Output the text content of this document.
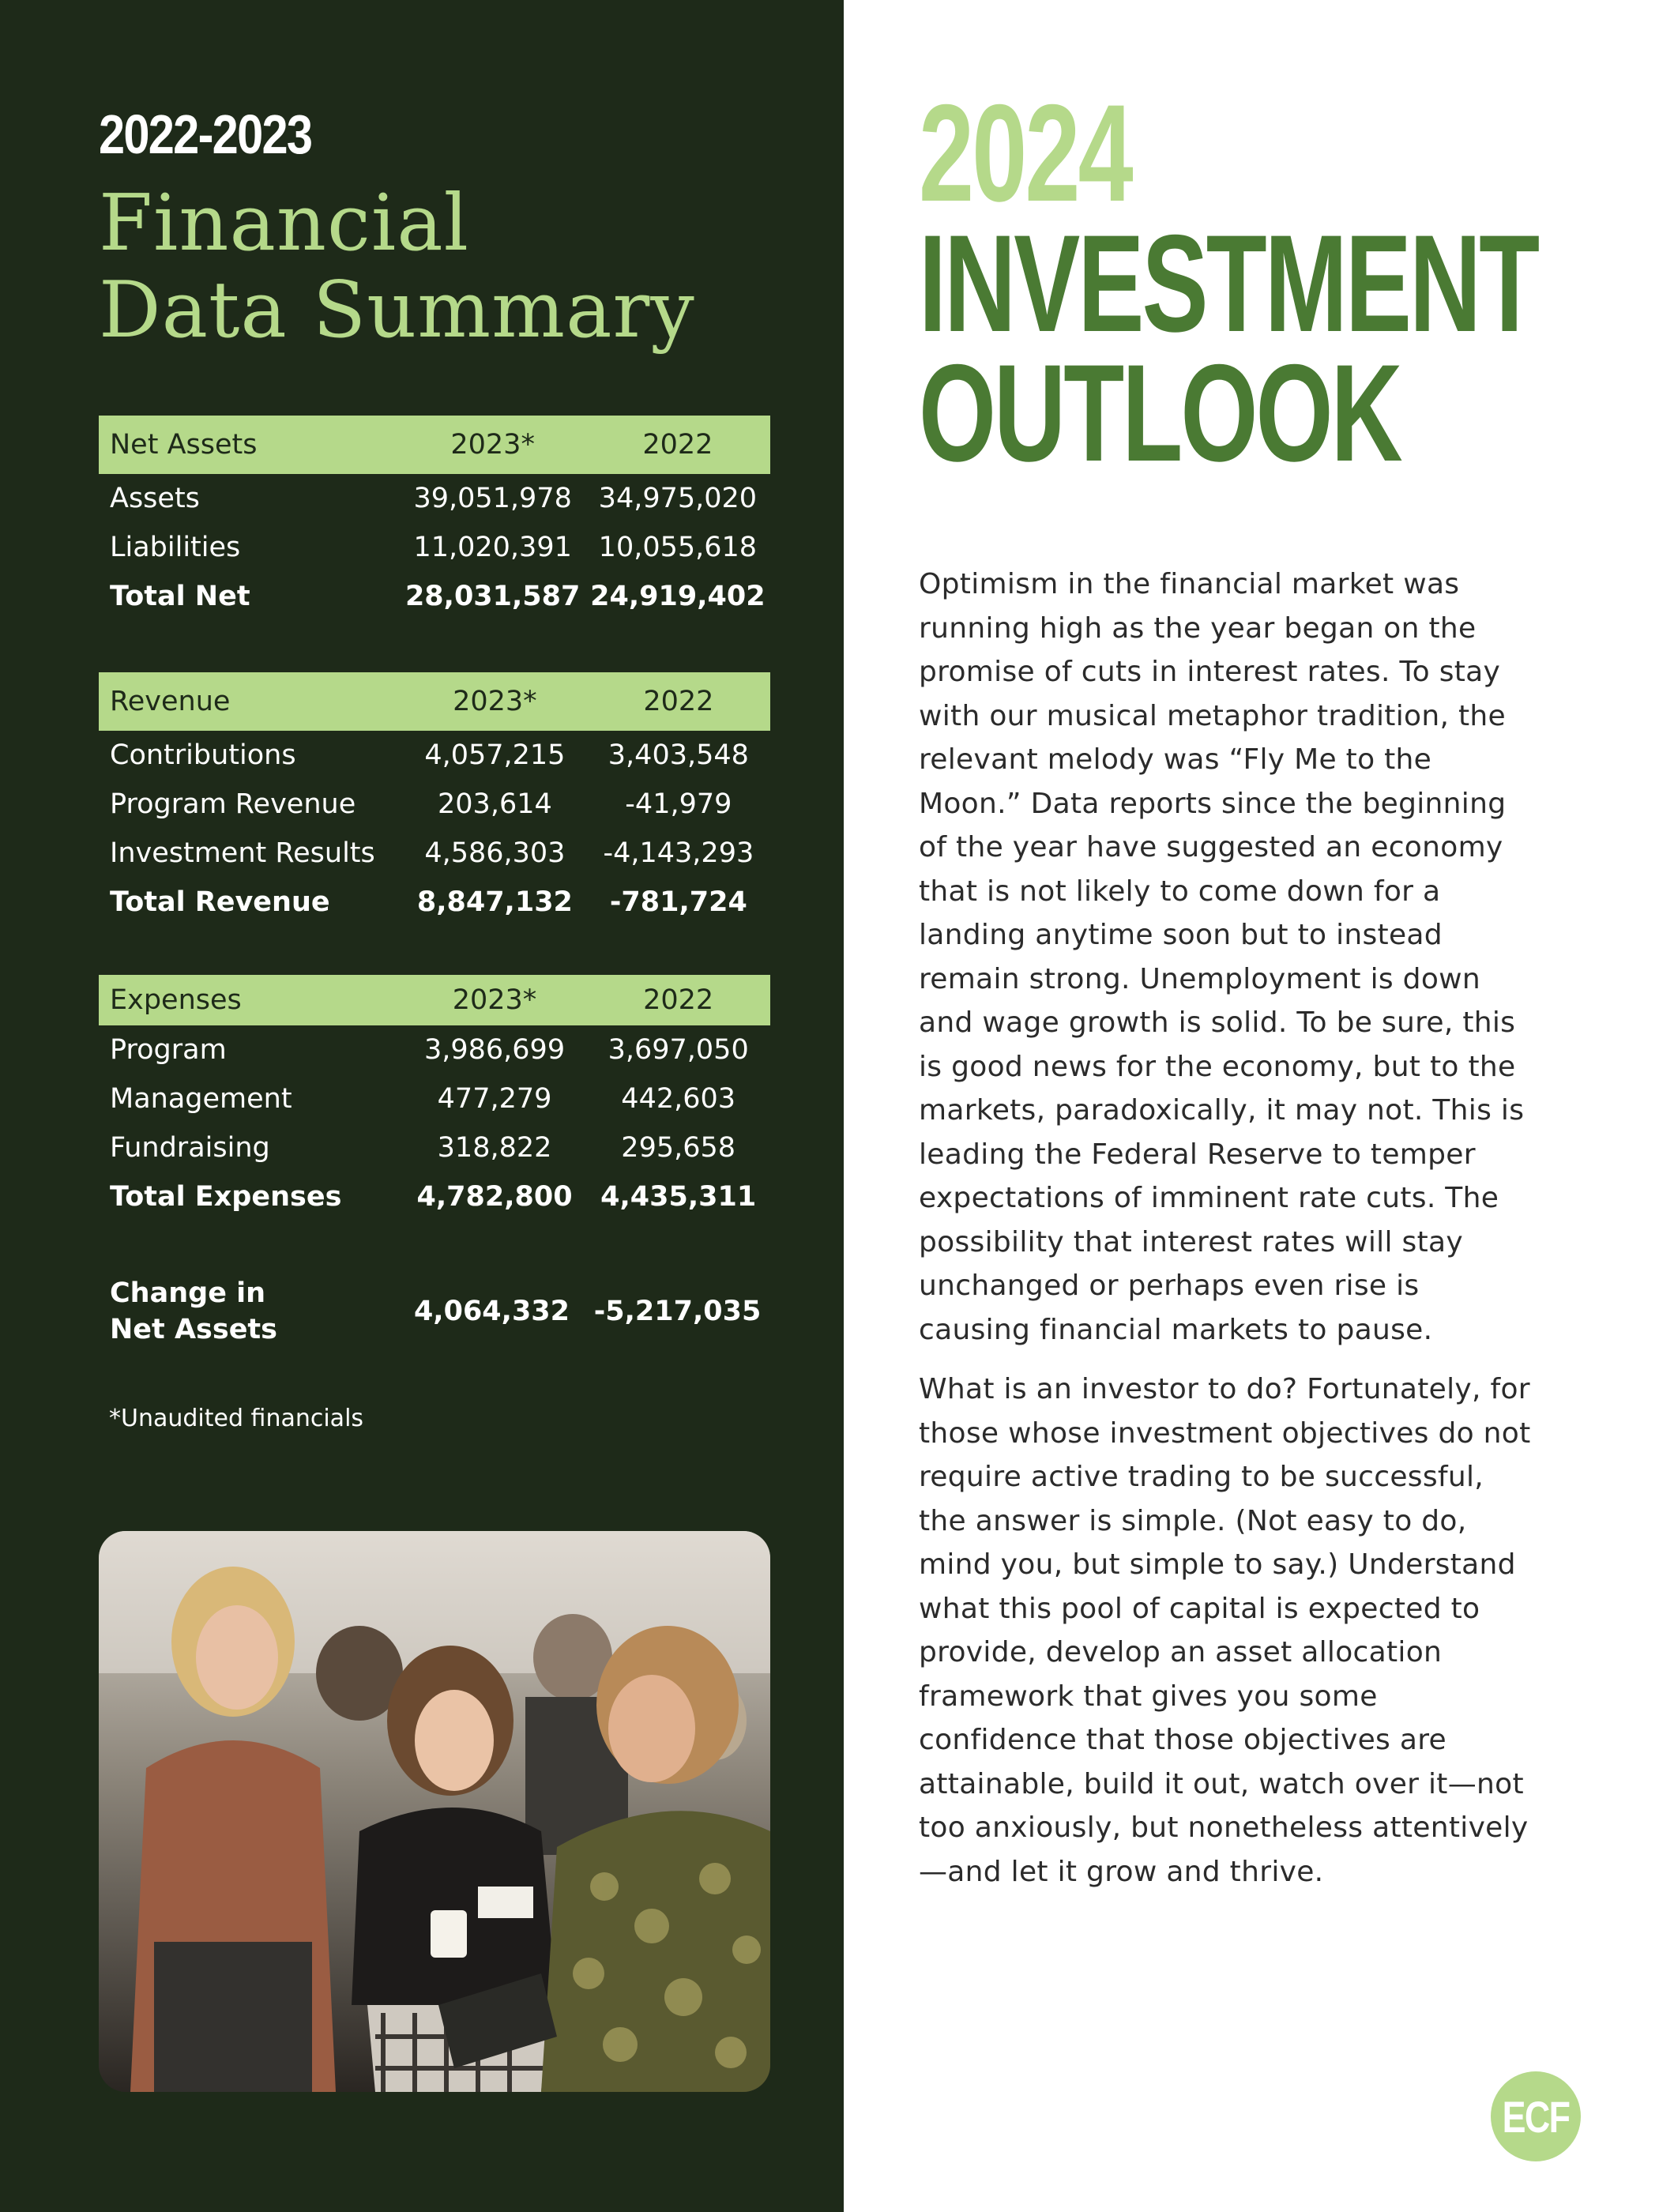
2022-2023
Financial
Data Summary
Net Assets	2023*	2022
Assets	39,051,978	34,975,020
Liabilities	11,020,391	10,055,618
Total Net	28,031,587	24,919,402
Revenue	2023*	2022
Contributions	4,057,215	3,403,548
Program Revenue	203,614	-41,979
Investment Results	4,586,303	-4,143,293
Total Revenue	8,847,132	-781,724
Expenses	2023*	2022
Program	3,986,699	3,697,050
Management	477,279	442,603
Fundraising	318,822	295,658
Total Expenses	4,782,800	4,435,311
Change in
Net Assets
4,064,332 -5,217,035
*Unaudited financials
2024
INVESTMENT
OUTLOOK

Optimism in the financial market was running high as the year began on the promise of cuts in interest rates. To stay with our musical metaphor tradition, the relevant melody was “Fly Me to the Moon.” Data reports since the beginning of the year have suggested an economy that is not likely to come down for a landing anytime soon but to instead remain strong. Unemployment is down and wage growth is solid. To be sure, this is good news for the economy, but to the markets, paradoxically, it may not. This is leading the Federal Reserve to temper expectations of imminent rate cuts. The possibility that interest rates will stay unchanged or perhaps even rise is causing financial markets to pause.

What is an investor to do? Fortunately, for those whose investment objectives do not require active trading to be successful, the answer is simple. (Not easy to do, mind you, but simple to say.) Understand what this pool of capital is expected to provide, develop an asset allocation framework that gives you some confidence that those objectives are attainable, build it out, watch over it—not too anxiously, but nonetheless attentively—and let it grow and thrive.

ECF
